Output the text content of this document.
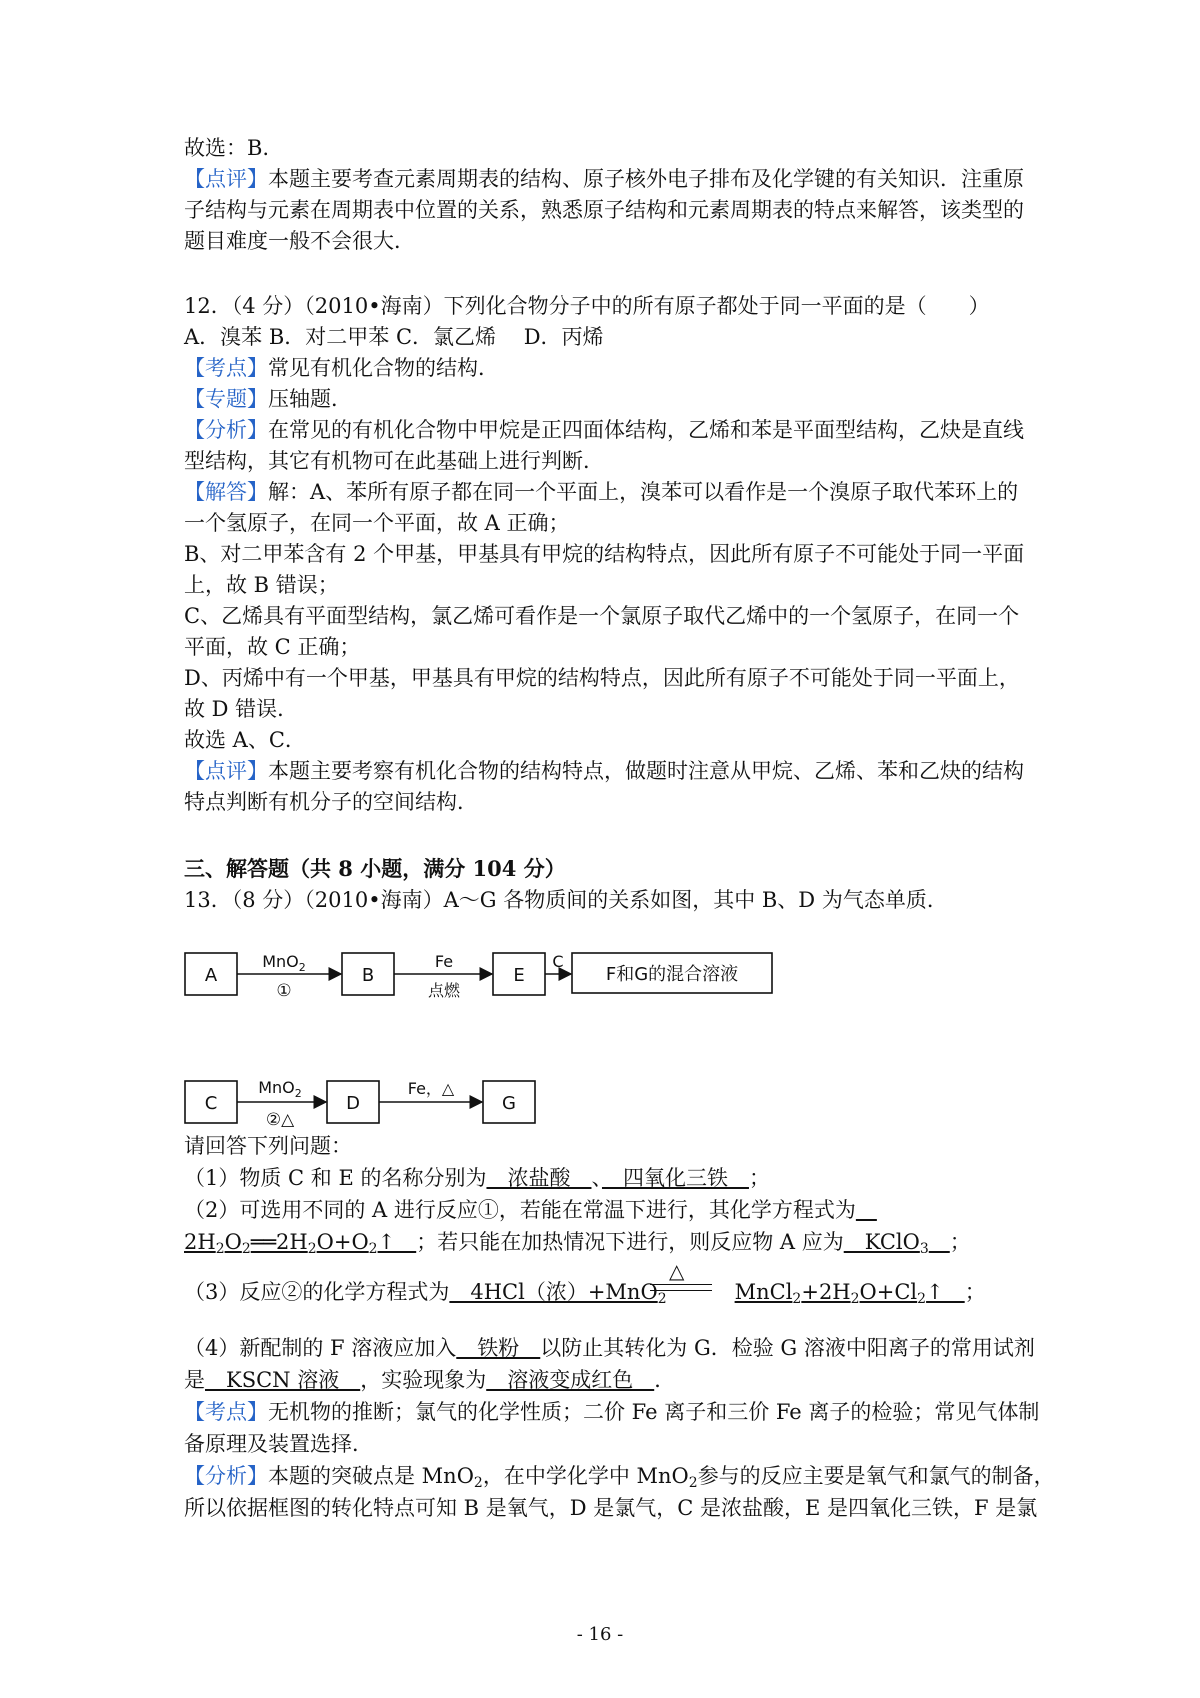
故选：B.
【点评】本题主要考查元素周期表的结构、原子核外电子排布及化学键的有关知识．注重原
子结构与元素在周期表中位置的关系，熟悉原子结构和元素周期表的特点来解答，该类型的
题目难度一般不会很大．
12．（4 分）（2010•海南）下列化合物分子中的所有原子都处于同一平面的是（　　）
A．溴苯 B．对二甲苯 C．氯乙烯　 D．丙烯
【考点】常见有机化合物的结构．
【专题】压轴题．
【分析】在常见的有机化合物中甲烷是正四面体结构，乙烯和苯是平面型结构，乙炔是直线
型结构，其它有机物可在此基础上进行判断．
【解答】解：A、苯所有原子都在同一个平面上，溴苯可以看作是一个溴原子取代苯环上的
一个氢原子，在同一个平面，故 A 正确；
B、对二甲苯含有 2 个甲基，甲基具有甲烷的结构特点，因此所有原子不可能处于同一平面
上，故 B 错误；
C、乙烯具有平面型结构，氯乙烯可看作是一个氯原子取代乙烯中的一个氢原子，在同一个
平面，故 C 正确；
D、丙烯中有一个甲基，甲基具有甲烷的结构特点，因此所有原子不可能处于同一平面上，
故 D 错误．
故选 A、C．
【点评】本题主要考察有机化合物的结构特点，做题时注意从甲烷、乙烯、苯和乙炔的结构
特点判断有机分子的空间结构．
三、解答题（共 8 小题，满分 104 分）
13．（8 分）（2010•海南）A～G 各物质间的关系如图，其中 B、D 为气态单质．
A
MnO$_2$
①
B
Fe
点燃
E
C
F和G的混合溶液
C
MnO$_2$
②△
D
Fe，△
G
请回答下列问题：
（1）物质 C 和 E 的名称分别为　浓盐酸　、　四氧化三铁　；
（2）可选用不同的 A 进行反应①，若能在常温下进行，其化学方程式为　
$2H_2O_2══2H_2O+O_2↑$　；若只能在加热情况下进行，则反应物 A 应为　KClO$_3$　 ；
△
（3）反应②的化学方程式为　4HCl（浓）+MnO$_2$	$MnCl_2+2H_2O+Cl_2↑$　；
（4）新配制的 F 溶液应加入　铁粉　以防止其转化为 G．检验 G 溶液中阳离子的常用试剂
是　KSCN 溶液　，实验现象为　溶液变成红色　．
【考点】无机物的推断；氯气的化学性质；二价 Fe 离子和三价 Fe 离子的检验；常见气体制
备原理及装置选择．
【分析】本题的突破点是 MnO$_2$，在中学化学中 MnO$_2$参与的反应主要是氧气和氯气的制备，
所以依据框图的转化特点可知 B 是氧气，D 是氯气，C 是浓盐酸，E 是四氧化三铁，F 是氯
- 16 -
